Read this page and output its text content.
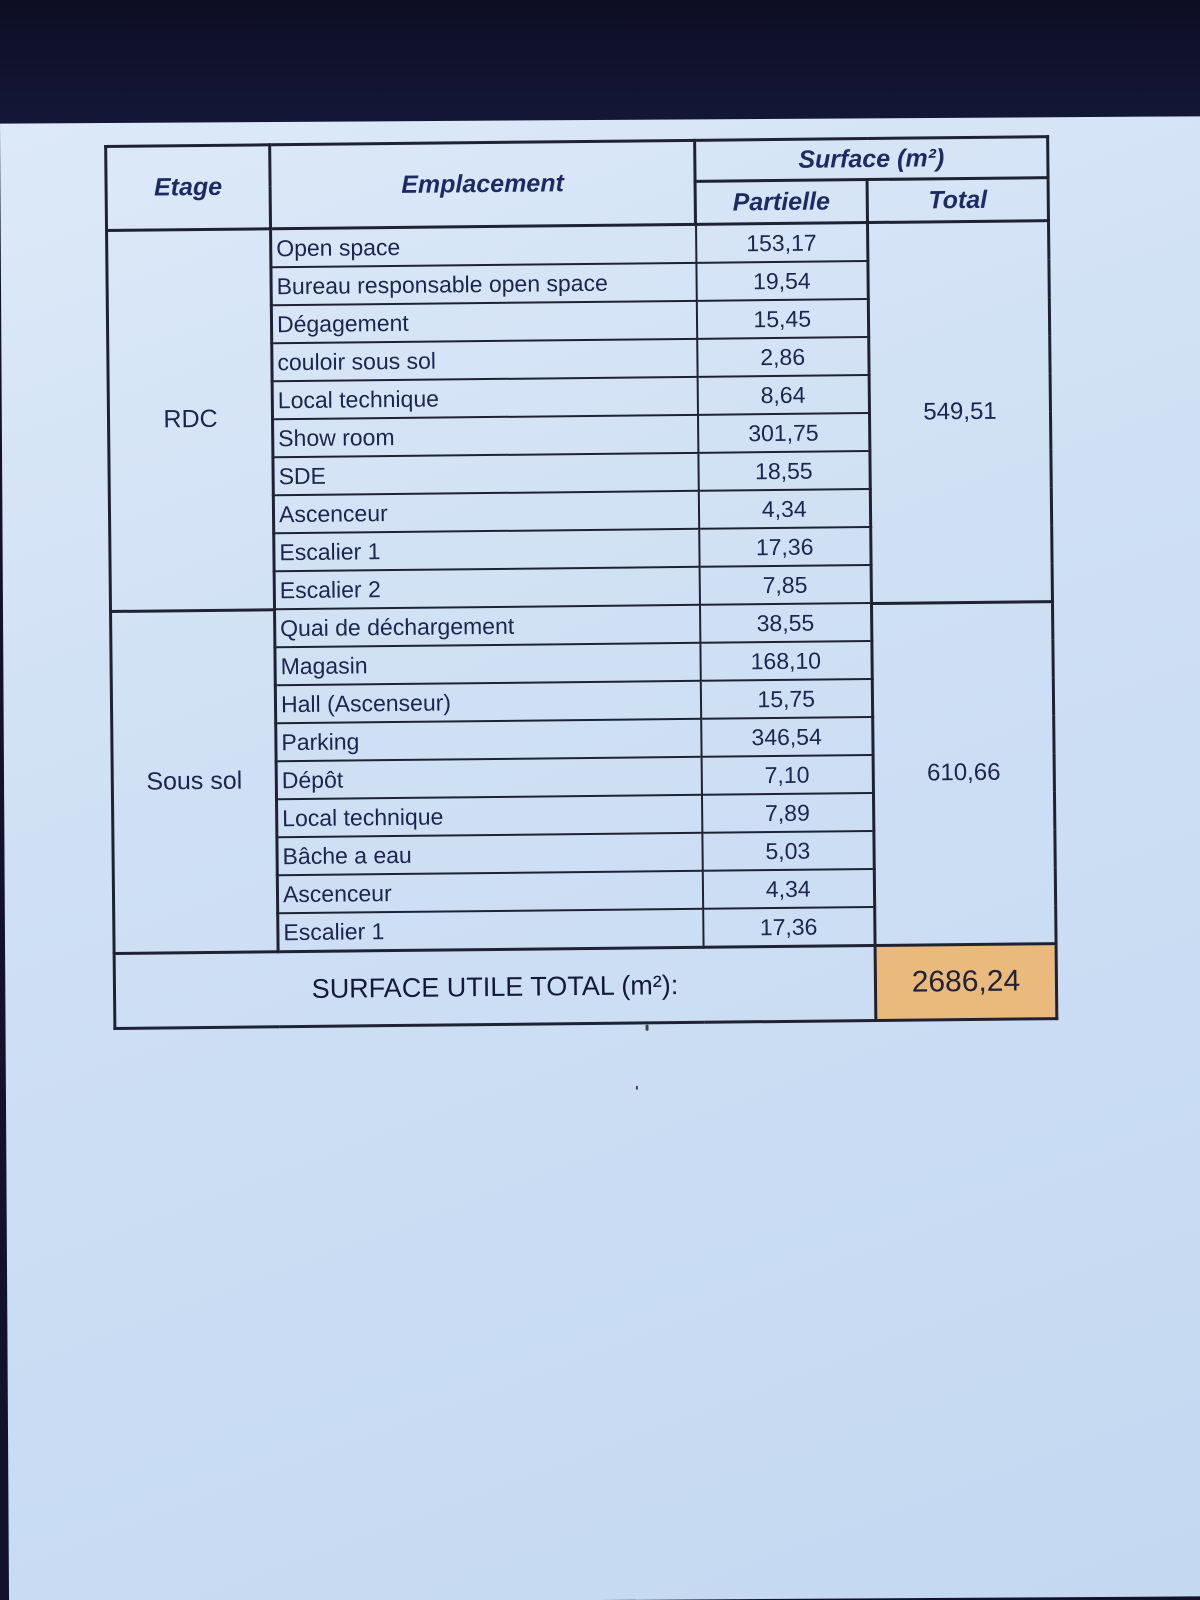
Etage	Emplacement	Surface (m²)	
		Partielle	Total
RDC	Open space	153,17	549,51
	Bureau responsable open space	19,54	
	Dégagement	15,45	
	couloir sous sol	2,86	
	Local technique	8,64	
	Show room	301,75	
	SDE	18,55	
	Ascenceur	4,34	
	Escalier 1	17,36	
	Escalier 2	7,85	
Sous sol	Quai de déchargement	38,55	610,66
	Magasin	168,10	
	Hall (Ascenseur)	15,75	
	Parking	346,54	
	Dépôt	7,10	
	Local technique	7,89	
	Bâche a eau	5,03	
	Ascenceur	4,34	
	Escalier 1	17,36	
SURFACE UTILE TOTAL (m²):			2686,24
